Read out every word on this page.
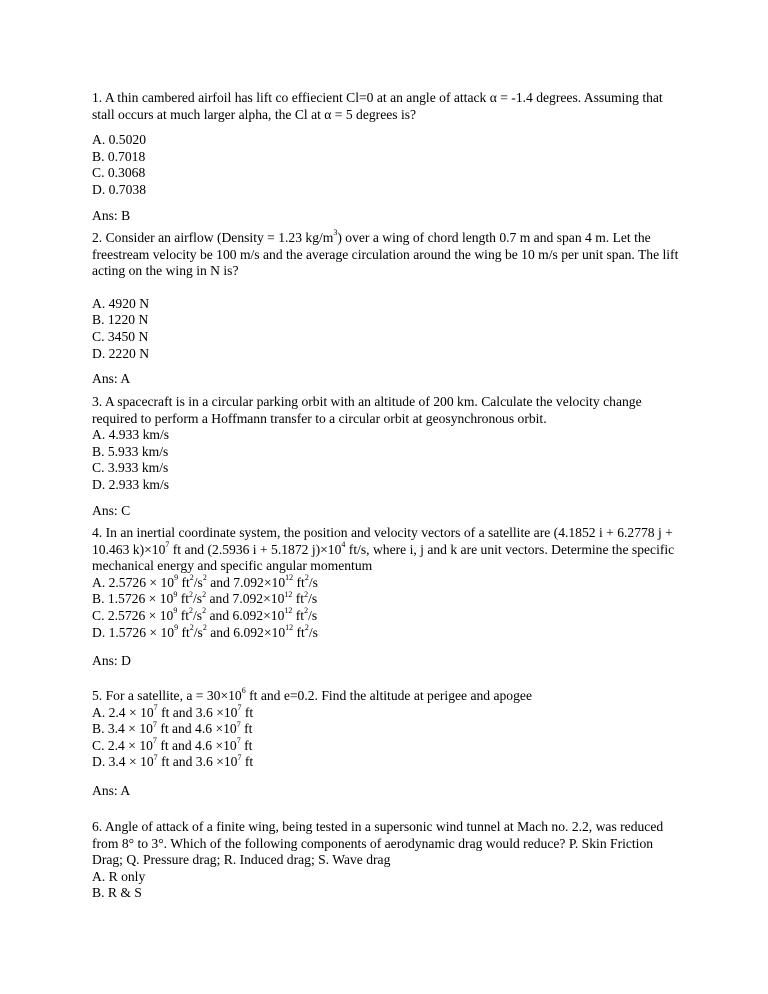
1. A thin cambered airfoil has lift co effiecient Cl=0 at an angle of attack α = -1.4 degrees. Assuming that stall occurs at much larger alpha, the Cl at α = 5 degrees is?

A. 0.5020
B. 0.7018
C. 0.3068
D. 0.7038

Ans: B

2. Consider an airflow (Density = 1.23 $kg/m^3$) over a wing of chord length 0.7 m and span 4 m. Let the freestream velocity be 100 m/s and the average circulation around the wing be 10 m/s per unit span. The lift acting on the wing in N is?

A. 4920 N
B. 1220 N
C. 3450 N
D. 2220 N

Ans: A

3. A spacecraft is in a circular parking orbit with an altitude of 200 km. Calculate the velocity change required to perform a Hoffmann transfer to a circular orbit at geosynchronous orbit.

A. 4.933 km/s
B. 5.933 km/s
C. 3.933 km/s
D. 2.933 km/s

Ans: C

4. In an inertial coordinate system, the position and velocity vectors of a satellite are (4.1852 i + 6.2778 j + 10.463 $k)\times 10^7$ ft and (2.5936 i + 5.1872 $j)\times 10^4$ ft/s, where i, j and k are unit vectors. Determine the specific mechanical energy and specific angular momentum

A. $2.5726 \times 10^9$ $ft^2/s^2$ and $7.092\times 10^{12}$ $ft^2/s$
B. $1.5726 \times 10^9$ $ft^2/s^2$ and $7.092\times 10^{12}$ $ft^2/s$
C. $2.5726 \times 10^9$ $ft^2/s^2$ and $6.092\times 10^{12}$ $ft^2/s$
D. $1.5726 \times 10^9$ $ft^2/s^2$ and $6.092\times 10^{12}$ $ft^2/s$

Ans: D

5. For a satellite, $a = 30\times 10^6$ ft and e=0.2. Find the altitude at perigee and apogee

A. $2.4 \times 10^7$ ft and $3.6 \times 10^7$ ft
B. $3.4 \times 10^7$ ft and $4.6 \times 10^7$ ft
C. $2.4 \times 10^7$ ft and $4.6 \times 10^7$ ft
D. $3.4 \times 10^7$ ft and $3.6 \times 10^7$ ft

Ans: A

6. Angle of attack of a finite wing, being tested in a supersonic wind tunnel at Mach no. 2.2, was reduced from 8° to 3°. Which of the following components of aerodynamic drag would reduce? P. Skin Friction Drag; Q. Pressure drag; R. Induced drag; S. Wave drag

A. R only
B. R & S
